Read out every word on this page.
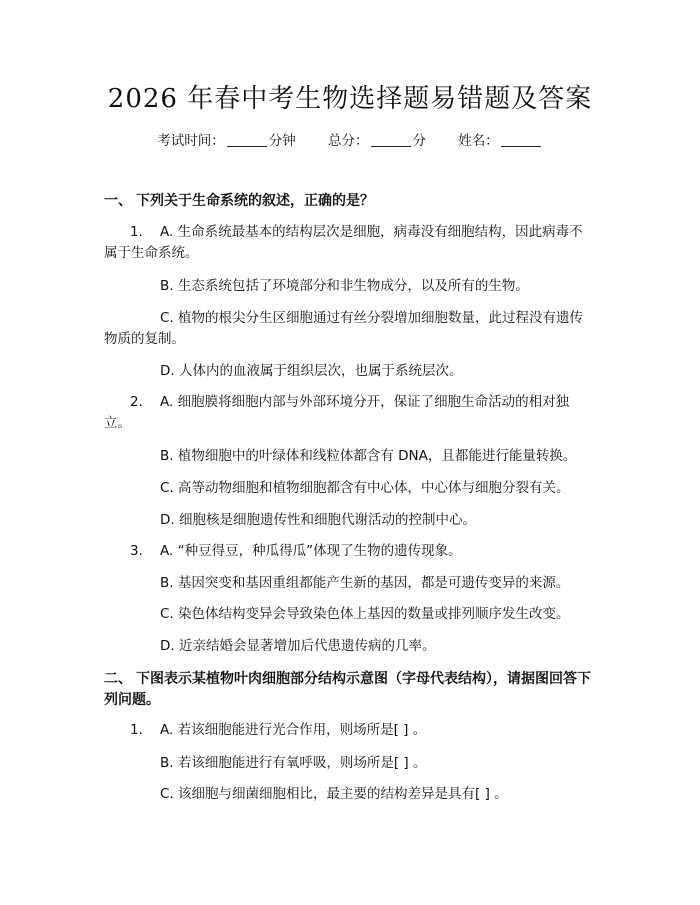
2026 年春中考生物选择题易错题及答案
考试时间：	分钟 总分：	分 姓名：
一、 下列关于生命系统的叙述，正确的是？
1. A. 生命系统最基本的结构层次是细胞，病毒没有细胞结构，因此病毒不
属于生命系统。
B. 生态系统包括了环境部分和非生物成分，以及所有的生物。
C. 植物的根尖分生区细胞通过有丝分裂增加细胞数量，此过程没有遗传
物质的复制。
D. 人体内的血液属于组织层次，也属于系统层次。
2. A. 细胞膜将细胞内部与外部环境分开，保证了细胞生命活动的相对独
立。
B. 植物细胞中的叶绿体和线粒体都含有 DNA，且都能进行能量转换。
C. 高等动物细胞和植物细胞都含有中心体，中心体与细胞分裂有关。
D. 细胞核是细胞遗传性和细胞代谢活动的控制中心。
3. A. “种豆得豆，种瓜得瓜”体现了生物的遗传现象。
B. 基因突变和基因重组都能产生新的基因，都是可遗传变异的来源。
C. 染色体结构变异会导致染色体上基因的数量或排列顺序发生改变。
D. 近亲结婚会显著增加后代患遗传病的几率。
二、 下图表示某植物叶肉细胞部分结构示意图（字母代表结构），请据图回答下
列问题。
1. A. 若该细胞能进行光合作用，则场所是[ ] 。
B. 若该细胞能进行有氧呼吸，则场所是[ ] 。
C. 该细胞与细菌细胞相比，最主要的结构差异是具有[ ] 。
